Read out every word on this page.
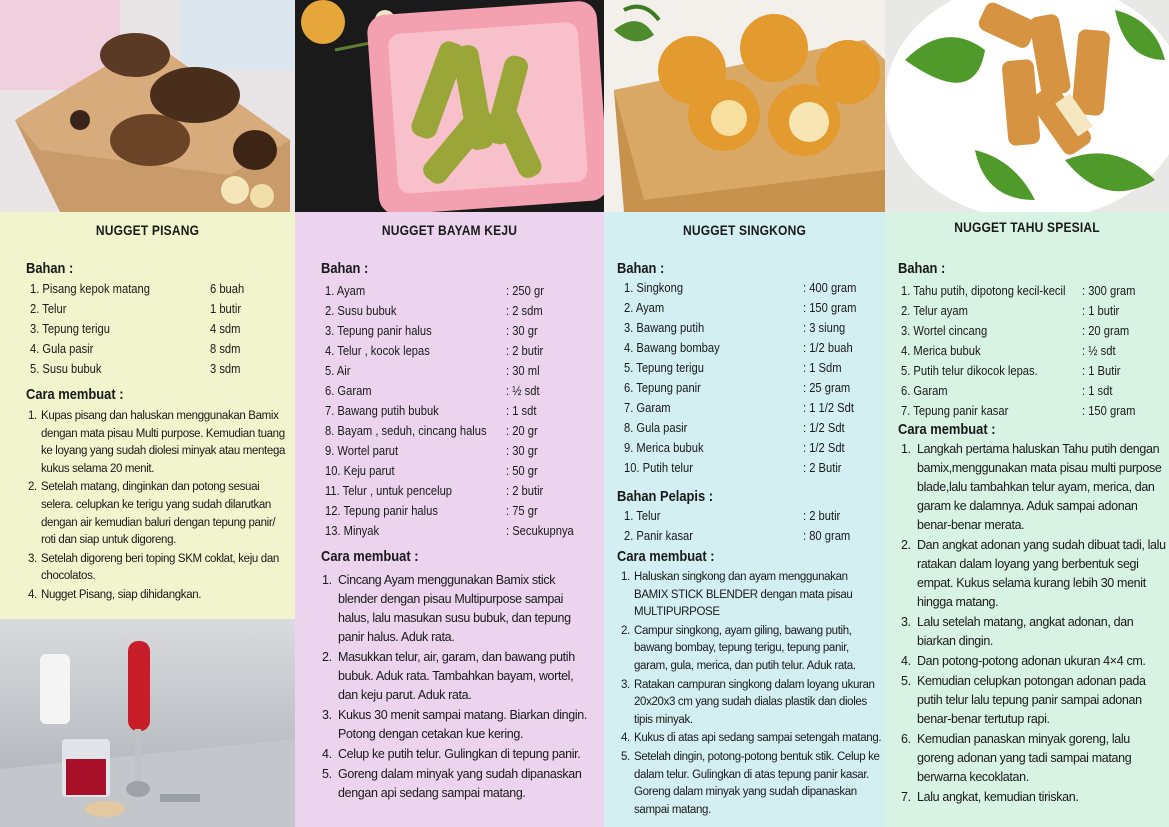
NUGGET PISANG
Bahan :
1. Pisang kepok matang	6 buah
2. Telur	1 butir
3. Tepung terigu	4 sdm
4. Gula pasir	8 sdm
5. Susu bubuk	3 sdm
Cara membuat :
1. Kupas pisang dan haluskan menggunakan Bamix dengan mata pisau Multi purpose. Kemudian tuang ke loyang yang sudah diolesi minyak atau mentega kukus selama 20 menit.
2. Setelah matang, dinginkan dan potong sesuai selera. celupkan ke terigu yang sudah dilarutkan dengan air kemudian baluri dengan tepung panir/ roti dan siap untuk digoreng.
3. Setelah digoreng beri toping SKM coklat, keju dan chocolatos.
4. Nugget Pisang, siap dihidangkan.
NUGGET BAYAM KEJU
Bahan :
1. Ayam	: 250 gr
2. Susu bubuk	: 2 sdm
3. Tepung panir halus	: 30 gr
4. Telur , kocok lepas	: 2 butir
5. Air	: 30 ml
6. Garam	: ½ sdt
7. Bawang putih bubuk	: 1 sdt
8. Bayam , seduh, cincang halus : 20 gr
9. Wortel parut	: 30 gr
10. Keju parut	: 50 gr
11. Telur , untuk pencelup	: 2 butir
12. Tepung panir halus	: 75 gr
13. Minyak	: Secukupnya
Cara membuat :
1. Cincang Ayam menggunakan Bamix stick blender dengan pisau Multipurpose sampai halus, lalu masukan susu bubuk, dan tepung panir halus. Aduk rata.
2. Masukkan telur, air, garam, dan bawang putih bubuk. Aduk rata. Tambahkan bayam, wortel, dan keju parut. Aduk rata.
3. Kukus 30 menit sampai matang. Biarkan dingin. Potong dengan cetakan kue kering.
4. Celup ke putih telur. Gulingkan di tepung panir.
5. Goreng dalam minyak yang sudah dipanaskan dengan api sedang sampai matang.
NUGGET SINGKONG
Bahan :
1. Singkong	: 400 gram
2. Ayam	: 150 gram
3. Bawang putih	: 3 siung
4. Bawang bombay	: 1/2 buah
5. Tepung terigu	: 1 Sdm
6. Tepung panir	: 25 gram
7. Garam	: 1 1/2 Sdt
8. Gula pasir	: 1/2 Sdt
9. Merica bubuk	: 1/2 Sdt
10. Putih telur	: 2 Butir
Bahan Pelapis :
1. Telur	: 2 butir
2. Panir kasar	: 80 gram
Cara membuat :
1. Haluskan singkong dan ayam menggunakan BAMIX STICK BLENDER dengan mata pisau MULTIPURPOSE
2. Campur singkong, ayam giling, bawang putih, bawang bombay, tepung terigu, tepung panir, garam, gula, merica, dan putih telur. Aduk rata.
3. Ratakan campuran singkong dalam loyang ukuran 20x20x3 cm yang sudah dialas plastik dan dioles tipis minyak.
4. Kukus di atas api sedang sampai setengah matang.
5. Setelah dingin, potong-potong bentuk stik. Celup ke dalam telur. Gulingkan di atas tepung panir kasar. Goreng dalam minyak yang sudah dipanaskan sampai matang.
NUGGET TAHU SPESIAL
Bahan :
1. Tahu putih, dipotong kecil-kecil : 300 gram
2. Telur ayam	: 1 butir
3. Wortel cincang	: 20 gram
4. Merica bubuk	: ½ sdt
5. Putih telur dikocok lepas.	: 1 Butir
6. Garam	: 1 sdt
7. Tepung panir kasar	: 150 gram
Cara membuat :
1. Langkah pertama haluskan Tahu putih dengan bamix,menggunakan mata pisau multi purpose blade,lalu tambahkan telur ayam, merica, dan garam ke dalamnya. Aduk sampai adonan benar-benar merata.
2. Dan angkat adonan yang sudah dibuat tadi, lalu ratakan dalam loyang yang berbentuk segi empat. Kukus selama kurang lebih 30 menit hingga matang.
3. Lalu setelah matang, angkat adonan, dan biarkan dingin.
4. Dan potong-potong adonan ukuran 4×4 cm.
5. Kemudian celupkan potongan adonan pada putih telur lalu tepung panir sampai adonan benar-benar tertutup rapi.
6. Kemudian panaskan minyak goreng, lalu goreng adonan yang tadi sampai matang berwarna kecoklatan.
7. Lalu angkat, kemudian tiriskan.
